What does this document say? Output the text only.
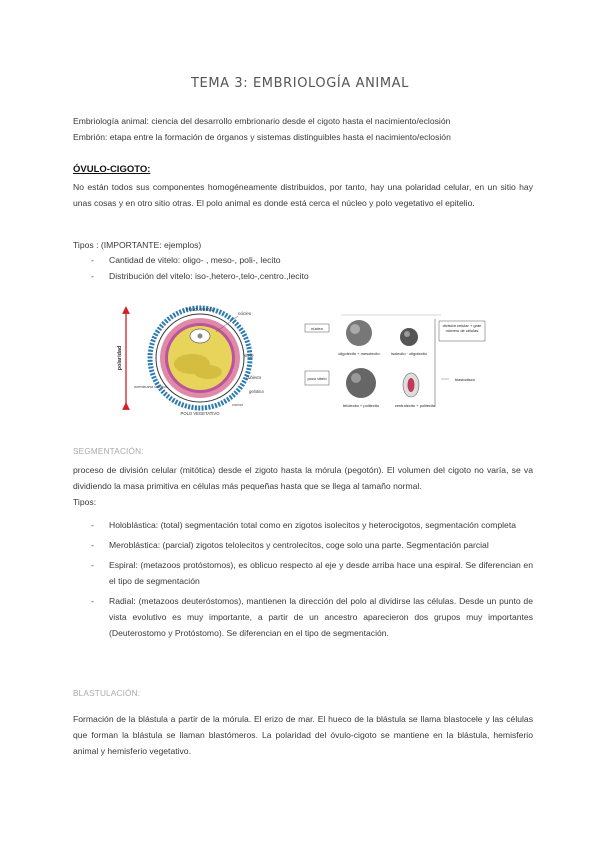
TEMA 3: EMBRIOLOGÍA ANIMAL

Embriología animal: ciencia del desarrollo embrionario desde el cigoto hasta el nacimiento/eclosión

Embrión: etapa entre la formación de órganos y sistemas distinguibles hasta el nacimiento/eclosión

ÓVULO-CIGOTO:

No están todos sus componentes homogéneamente distribuidos, por tanto, hay una polaridad celular, en un sitio hay unas cosas y en otro sitio otras. El polo animal es donde está cerca el núcleo y polo vegetativo el epitelio.

Tipos : (IMPORTANTE: ejemplos)

- Cantidad de vitelo: oligo- , meso-, poli-, lecito
- Distribución del vitelo: iso-,hetero-,telo-,centro.,lecito
polaridad
POLO ANIMAL
POLO VEGETATIVO
núcleo
vitelo
cubierta
gelatina
membrana vitelina
corion
núcleo
oligolecito + mesolecito	isolecito · oligolecito
división celular + gran número de células
poco vitelo
telolecito + polilecito
blastodisco
centrolecito + polilecito

SEGMENTACIÓN:

proceso de división celular (mitótica) desde el zigoto hasta la mórula (pegotón). El volumen del cigoto no varía, se va dividiendo la masa primitiva en células más pequeñas hasta que se llega al tamaño normal.

Tipos:

- Holoblástica: (total) segmentación total como en zigotos isolecitos y heterocigotos, segmentación completa
- Meroblástica: (parcial) zigotos telolecitos y centrolecitos, coge solo una parte. Segmentación parcial
- Espiral: (metazoos protóstomos), es oblicuo respecto al eje y desde arriba hace una espiral. Se diferencian en el tipo de segmentación
- Radial: (metazoos deuteróstomos), mantienen la dirección del polo al dividirse las células. Desde un punto de vista evolutivo es muy importante, a partir de un ancestro aparecieron dos grupos muy importantes (Deuterostomo y Protóstomo). Se diferencian en el tipo de segmentación.

BLASTULACIÓN:

Formación de la blástula a partir de la mórula. El erizo de mar. El hueco de la blástula se llama blastocele y las células que forman la blástula se llaman blastómeros. La polaridad del óvulo-cigoto se mantiene en la blástula, hemisferio animal y hemisferio vegetativo.
